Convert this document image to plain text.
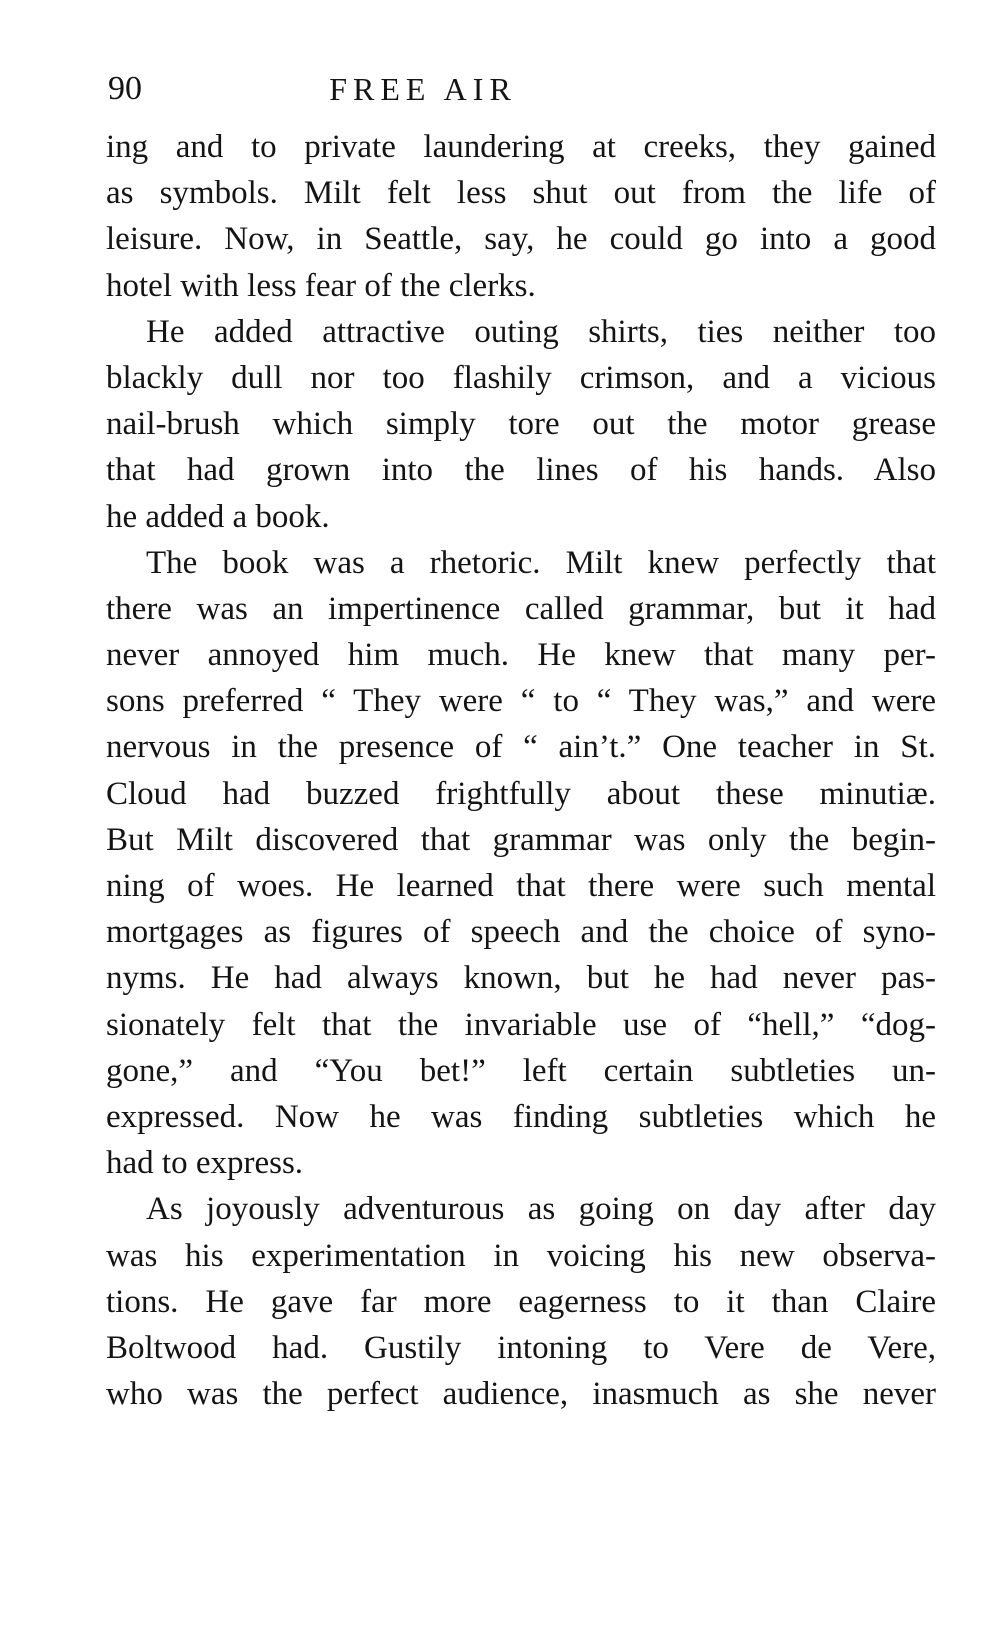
90	FREE AIR
ing and to private laundering at creeks, they gained
as symbols. Milt felt less shut out from the life of
leisure. Now, in Seattle, say, he could go into a good
hotel with less fear of the clerks.
He added attractive outing shirts, ties neither too
blackly dull nor too flashily crimson, and a vicious
nail-brush which simply tore out the motor grease
that had grown into the lines of his hands. Also
he added a book.
The book was a rhetoric. Milt knew perfectly that
there was an impertinence called grammar, but it had
never annoyed him much. He knew that many per-
sons preferred “ They were “ to “ They was,” and were
nervous in the presence of “ ain’t.” One teacher in St.
Cloud had buzzed frightfully about these minutiæ.
But Milt discovered that grammar was only the begin-
ning of woes. He learned that there were such mental
mortgages as figures of speech and the choice of syno-
nyms. He had always known, but he had never pas-
sionately felt that the invariable use of “hell,” “dog-
gone,” and “You bet!” left certain subtleties un-
expressed. Now he was finding subtleties which he
had to express.
As joyously adventurous as going on day after day
was his experimentation in voicing his new observa-
tions. He gave far more eagerness to it than Claire
Boltwood had. Gustily intoning to Vere de Vere,
who was the perfect audience, inasmuch as she never
